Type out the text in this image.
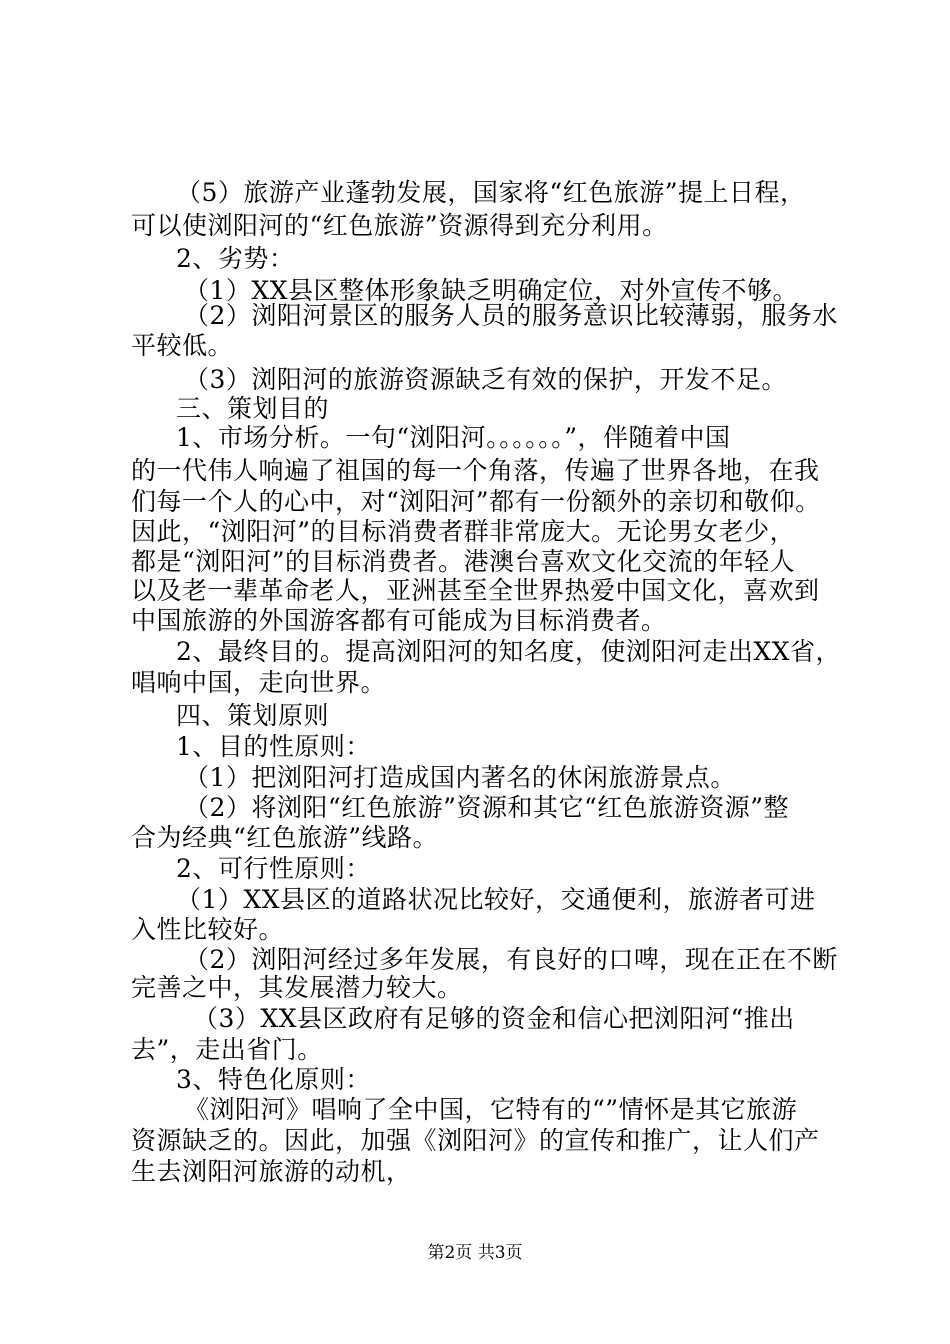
（5）旅游产业蓬勃发展，国家将“红色旅游”提上日程，
可以使浏阳河的“红色旅游”资源得到充分利用。
2、劣势：
（1）XX县区整体形象缺乏明确定位，对外宣传不够。
（2）浏阳河景区的服务人员的服务意识比较薄弱，服务水
平较低。
（3）浏阳河的旅游资源缺乏有效的保护，开发不足。
三、策划目的
1、市场分析。一句“浏阳河。。。。。。”，伴随着中国
的一代伟人响遍了祖国的每一个角落，传遍了世界各地，在我
们每一个人的心中，对“浏阳河”都有一份额外的亲切和敬仰。
因此，“浏阳河”的目标消费者群非常庞大。无论男女老少，
都是“浏阳河”的目标消费者。港澳台喜欢文化交流的年轻人
以及老一辈革命老人，亚洲甚至全世界热爱中国文化，喜欢到
中国旅游的外国游客都有可能成为目标消费者。
2、最终目的。提高浏阳河的知名度，使浏阳河走出XX省，
唱响中国，走向世界。
四、策划原则
1、目的性原则：
（1）把浏阳河打造成国内著名的休闲旅游景点。
（2）将浏阳“红色旅游”资源和其它“红色旅游资源”整
合为经典“红色旅游”线路。
2、可行性原则：
（1）XX县区的道路状况比较好，交通便利，旅游者可进
入性比较好。
（2）浏阳河经过多年发展，有良好的口啤，现在正在不断
完善之中，其发展潜力较大。
（3）XX县区政府有足够的资金和信心把浏阳河“推出
去”，走出省门。
3、特色化原则：
《浏阳河》唱响了全中国，它特有的“”情怀是其它旅游
资源缺乏的。因此，加强《浏阳河》的宣传和推广，让人们产
生去浏阳河旅游的动机，
第2页 共3页
